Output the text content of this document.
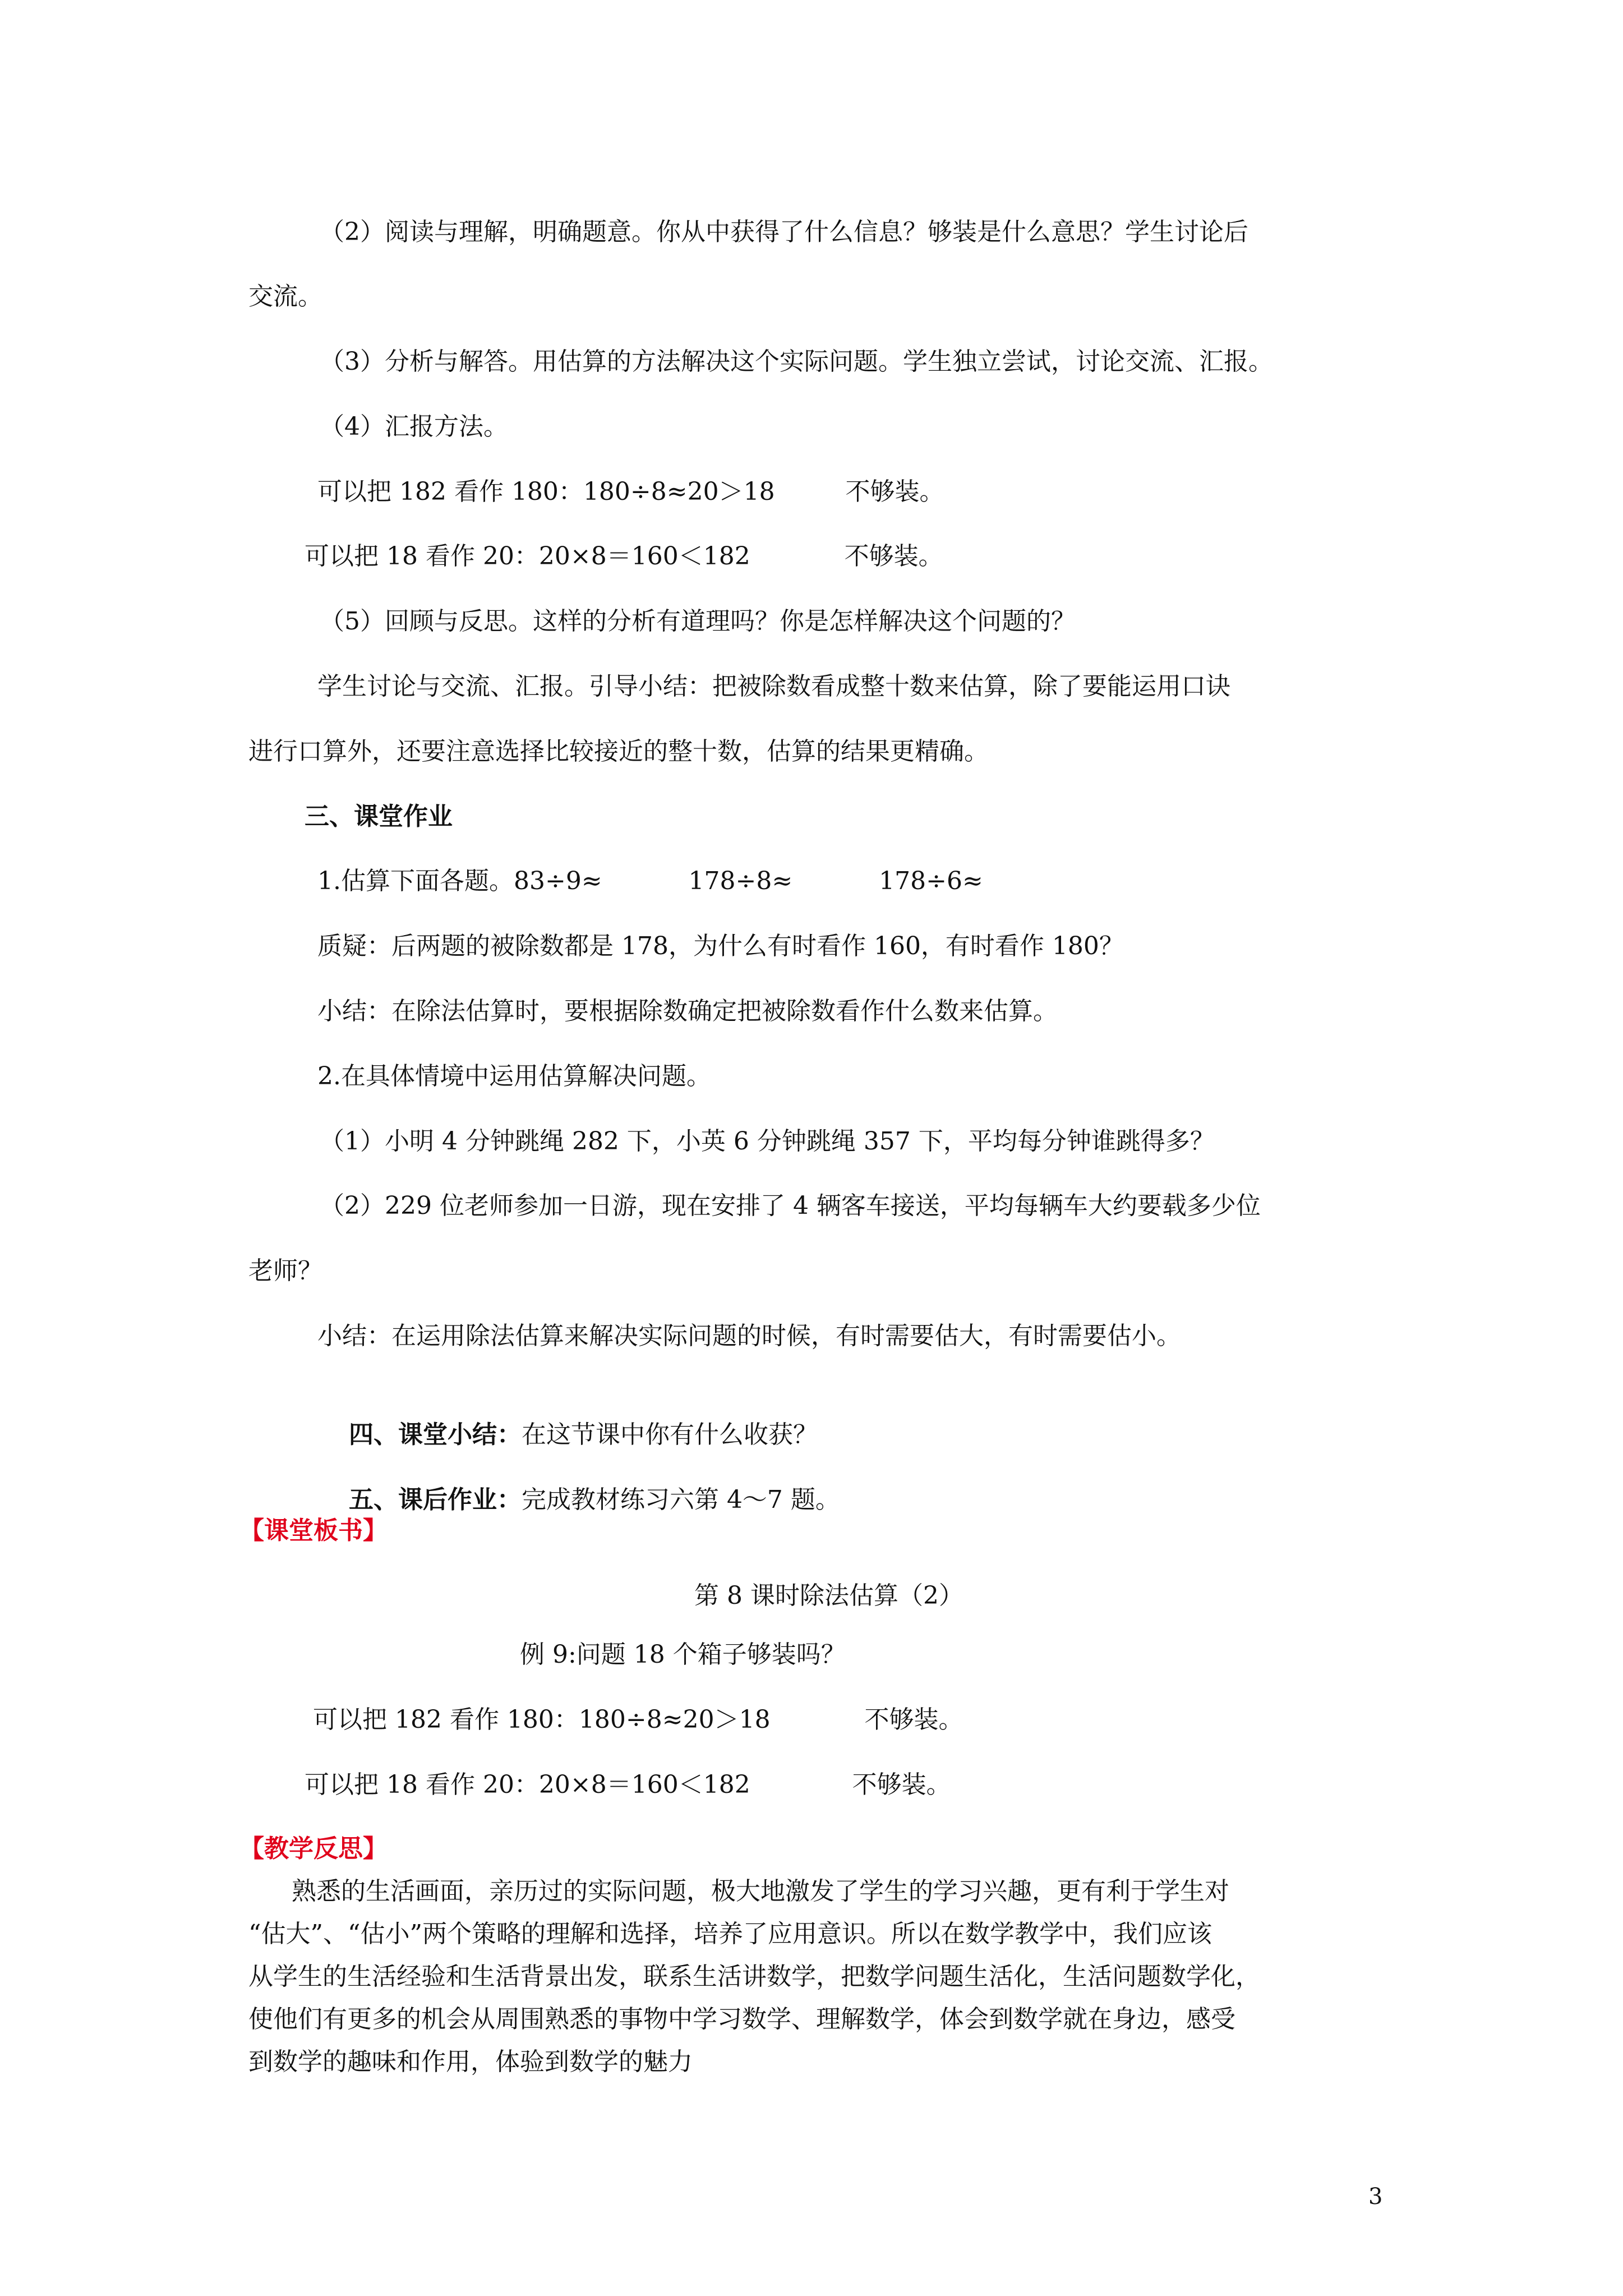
（2）阅读与理解，明确题意。你从中获得了什么信息？够装是什么意思？学生讨论后
交流。
（3）分析与解答。用估算的方法解决这个实际问题。学生独立尝试，讨论交流、汇报。
（4）汇报方法。
可以把 182 看作 180：180÷8≈20＞18         不够装。
可以把 18 看作 20：20×8＝160＜182            不够装。
（5）回顾与反思。这样的分析有道理吗？你是怎样解决这个问题的？
学生讨论与交流、汇报。引导小结：把被除数看成整十数来估算，除了要能运用口诀
进行口算外，还要注意选择比较接近的整十数，估算的结果更精确。
三、课堂作业
1.估算下面各题。83÷9≈           178÷8≈           178÷6≈
质疑：后两题的被除数都是 178，为什么有时看作 160，有时看作 180？
小结：在除法估算时，要根据除数确定把被除数看作什么数来估算。
2.在具体情境中运用估算解决问题。
（1）小明 4 分钟跳绳 282 下，小英 6 分钟跳绳 357 下，平均每分钟谁跳得多？
（2）229 位老师参加一日游，现在安排了 4 辆客车接送，平均每辆车大约要载多少位
老师？
小结：在运用除法估算来解决实际问题的时候，有时需要估大，有时需要估小。

四、课堂小结：在这节课中你有什么收获？

五、课后作业：完成教材练习六第 4～7 题。

【课堂板书】
第 8 课时除法估算（2）
例 9:问题 18 个箱子够装吗？
可以把 182 看作 180：180÷8≈20＞18            不够装。
可以把 18 看作 20：20×8＝160＜182             不够装。
【教学反思】
熟悉的生活画面，亲历过的实际问题，极大地激发了学生的学习兴趣，更有利于学生对
“估大”、“估小”两个策略的理解和选择，培养了应用意识。所以在数学教学中，我们应该
从学生的生活经验和生活背景出发，联系生活讲数学，把数学问题生活化，生活问题数学化，
使他们有更多的机会从周围熟悉的事物中学习数学、理解数学，体会到数学就在身边，感受
到数学的趣味和作用，体验到数学的魅力
3
